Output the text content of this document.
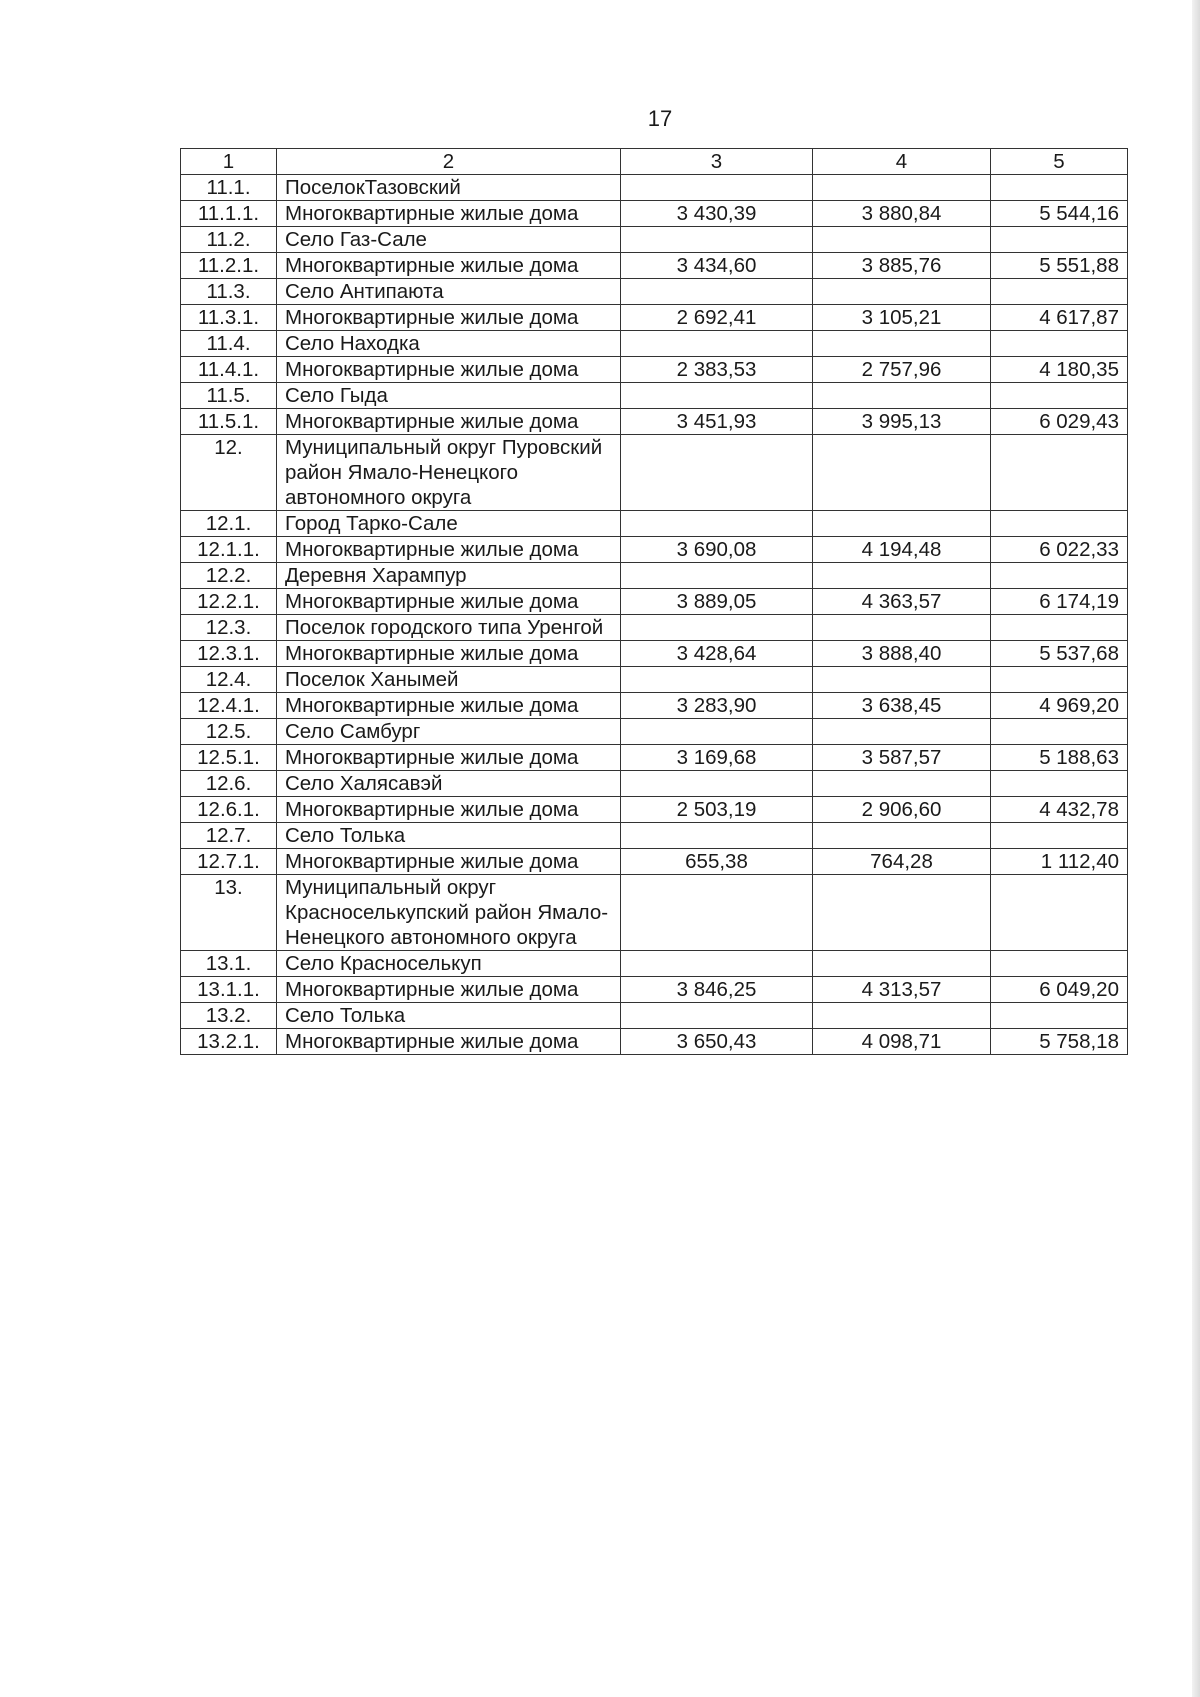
17
1	2	3	4	5
11.1.	ПоселокТазовский			
11.1.1.	Многоквартирные жилые дома	3 430,39	3 880,84	5 544,16
11.2.	Село Газ-Сале			
11.2.1.	Многоквартирные жилые дома	3 434,60	3 885,76	5 551,88
11.3.	Село Антипаюта			
11.3.1.	Многоквартирные жилые дома	2 692,41	3 105,21	4 617,87
11.4.	Село Находка			
11.4.1.	Многоквартирные жилые дома	2 383,53	2 757,96	4 180,35
11.5.	Село Гыда			
11.5.1.	Многоквартирные жилые дома	3 451,93	3 995,13	6 029,43
12.	Муниципальный округ Пуровский район Ямало-Ненецкого автономного округа			
12.1.	Город Тарко-Сале			
12.1.1.	Многоквартирные жилые дома	3 690,08	4 194,48	6 022,33
12.2.	Деревня Харампур			
12.2.1.	Многоквартирные жилые дома	3 889,05	4 363,57	6 174,19
12.3.	Поселок городского типа Уренгой			
12.3.1.	Многоквартирные жилые дома	3 428,64	3 888,40	5 537,68
12.4.	Поселок Ханымей			
12.4.1.	Многоквартирные жилые дома	3 283,90	3 638,45	4 969,20
12.5.	Село Самбург			
12.5.1.	Многоквартирные жилые дома	3 169,68	3 587,57	5 188,63
12.6.	Село Халясавэй			
12.6.1.	Многоквартирные жилые дома	2 503,19	2 906,60	4 432,78
12.7.	Село Толька			
12.7.1.	Многоквартирные жилые дома	655,38	764,28	1 112,40
13.	Муниципальный округ Красноселькупский район Ямало-Ненецкого автономного округа			
13.1.	Село Красноселькуп			
13.1.1.	Многоквартирные жилые дома	3 846,25	4 313,57	6 049,20
13.2.	Село Толька			
13.2.1.	Многоквартирные жилые дома	3 650,43	4 098,71	5 758,18
